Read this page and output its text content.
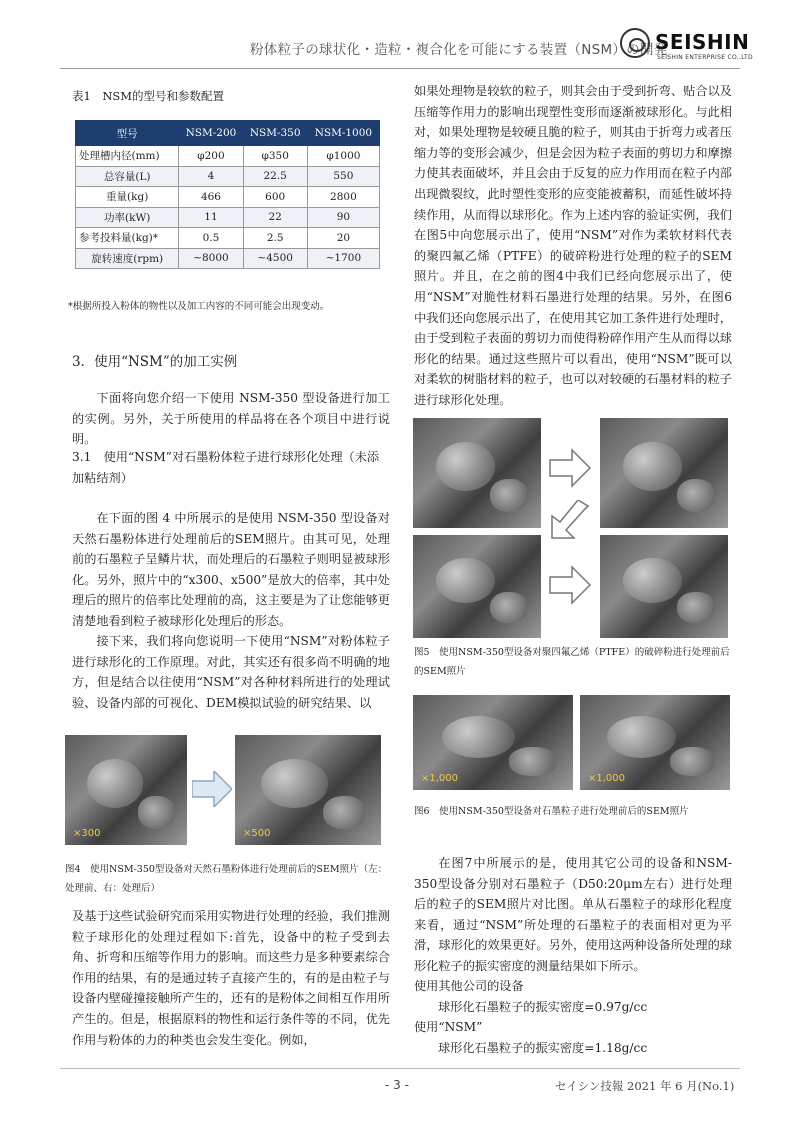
粉体粒子の球状化・造粒・複合化を可能にする装置（NSM）の開発
SEISHIN
SEISHIN ENTERPRISE CO.,LTD
表1　NSM的型号和参数配置
型号	NSM-200	NSM-350	NSM-1000
处理槽内径(mm)	φ200	φ350	φ1000
总容量(L)	4	22.5	550
重量(kg)	466	600	2800
功率(kW)	11	22	90
参考投料量(kg)*	0.5	2.5	20
旋转速度(rpm)	~8000	~4500	~1700
*根据所投入粉体的物性以及加工内容的不同可能会出现变动。
3．使用“NSM”的加工实例
下面将向您介绍一下使用 NSM-350 型设备进行加工的实例。另外，关于所使用的样品将在各个项目中进行说明。
3.1　使用“NSM”对石墨粉体粒子进行球形化处理（未添加粘结剂）
在下面的图 4 中所展示的是使用 NSM-350 型设备对天然石墨粉体进行处理前后的SEM照片。由其可见，处理前的石墨粒子呈鳞片状，而处理后的石墨粒子则明显被球形化。另外，照片中的“x300、x500”是放大的倍率，其中处理后的照片的倍率比处理前的高，这主要是为了让您能够更清楚地看到粒子被球形化处理后的形态。
接下来，我们将向您说明一下使用“NSM”对粉体粒子进行球形化的工作原理。对此，其实还有很多尚不明确的地方，但是结合以往使用“NSM”对各种材料所进行的处理试验、设备内部的可视化、DEM模拟试验的研究结果、以
×300	×500
图4　使用NSM-350型设备对天然石墨粉体进行处理前后的SEM照片（左：处理前、右：处理后）
及基于这些试验研究而采用实物进行处理的经验，我们推测粒子球形化的处理过程如下:首先，设备中的粒子受到去角、折弯和压缩等作用力的影响。而这些力是多种要素综合作用的结果，有的是通过转子直接产生的，有的是由粒子与设备内壁碰撞接触所产生的，还有的是粉体之间相互作用所产生的。但是，根据原料的物性和运行条件等的不同，优先作用与粉体的力的种类也会发生变化。例如，
如果处理物是较软的粒子，则其会由于受到折弯、贴合以及压缩等作用力的影响出现塑性变形而逐渐被球形化。与此相对，如果处理物是较硬且脆的粒子，则其由于折弯力或者压缩力等的变形会减少，但是会因为粒子表面的剪切力和摩擦力使其表面破坏，并且会由于反复的应力作用而在粒子内部出现微裂纹，此时塑性变形的应变能被蓄积，而延性破坏持续作用，从而得以球形化。作为上述内容的验证实例，我们在图5中向您展示出了，使用“NSM”对作为柔软材料代表的聚四氟乙烯（PTFE）的破碎粉进行处理的粒子的SEM照片。并且，在之前的图4中我们已经向您展示出了，使用“NSM”对脆性材料石墨进行处理的结果。另外，在图6中我们还向您展示出了，在使用其它加工条件进行处理时，由于受到粒子表面的剪切力而使得粉碎作用产生从而得以球形化的结果。通过这些照片可以看出，使用“NSM”既可以对柔软的树脂材料的粒子，也可以对较硬的石墨材料的粒子进行球形化处理。
图5　使用NSM-350型设备对聚四氟乙烯（PTFE）的破碎粉进行处理前后的SEM照片
×1,000	×1,000
图6　使用NSM-350型设备对石墨粒子进行处理前后的SEM照片
在图7中所展示的是，使用其它公司的设备和NSM-350型设备分别对石墨粒子（D50:20μm左右）进行处理后的粒子的SEM照片对比图。单从石墨粒子的球形化程度来看，通过“NSM”所处理的石墨粒子的表面相对更为平滑，球形化的效果更好。另外，使用这两种设备所处理的球形化粒子的振实密度的测量结果如下所示。
使用其他公司的设备
球形化石墨粒子的振实密度=0.97g/cc
使用“NSM”
球形化石墨粒子的振实密度=1.18g/cc
- 3 -	セイシン技報 2021 年 6 月(No.1)
